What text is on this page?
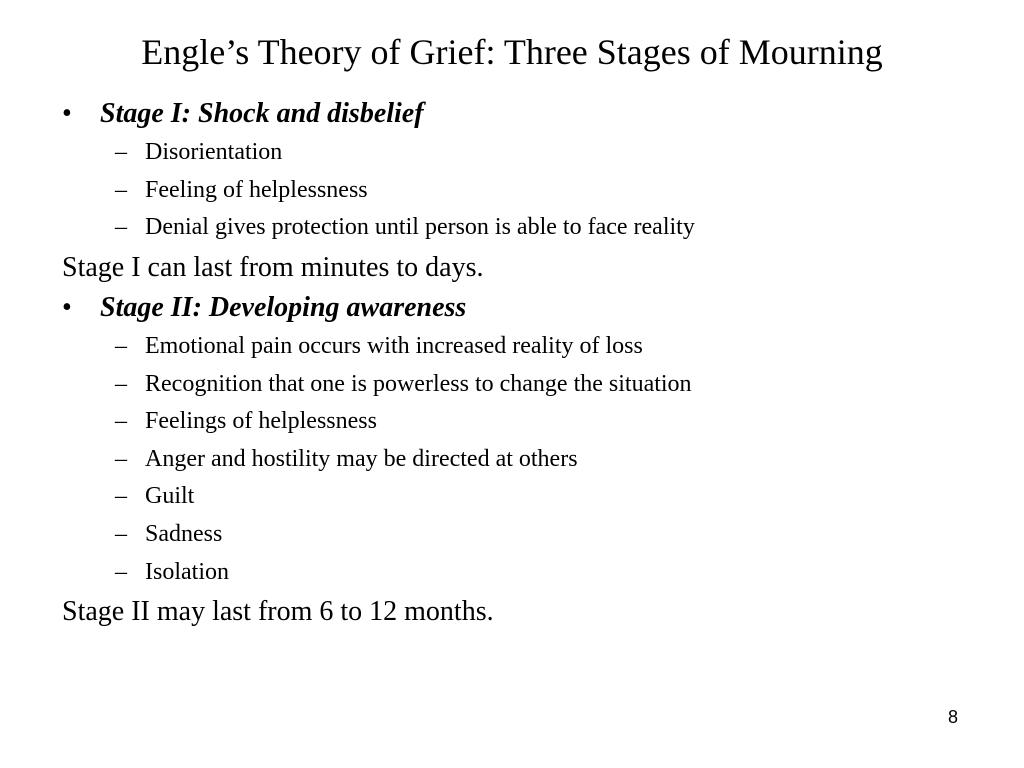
Engle’s Theory of Grief: Three Stages of Mourning
• Stage I: Shock and disbelief
– Disorientation
– Feeling of helplessness
– Denial gives protection until person is able to face reality
Stage I can last from minutes to days.
• Stage II: Developing awareness
– Emotional pain occurs with increased reality of loss
– Recognition that one is powerless to change the situation
– Feelings of helplessness
– Anger and hostility may be directed at others
– Guilt
– Sadness
– Isolation
Stage II may last from 6 to 12 months.
8
